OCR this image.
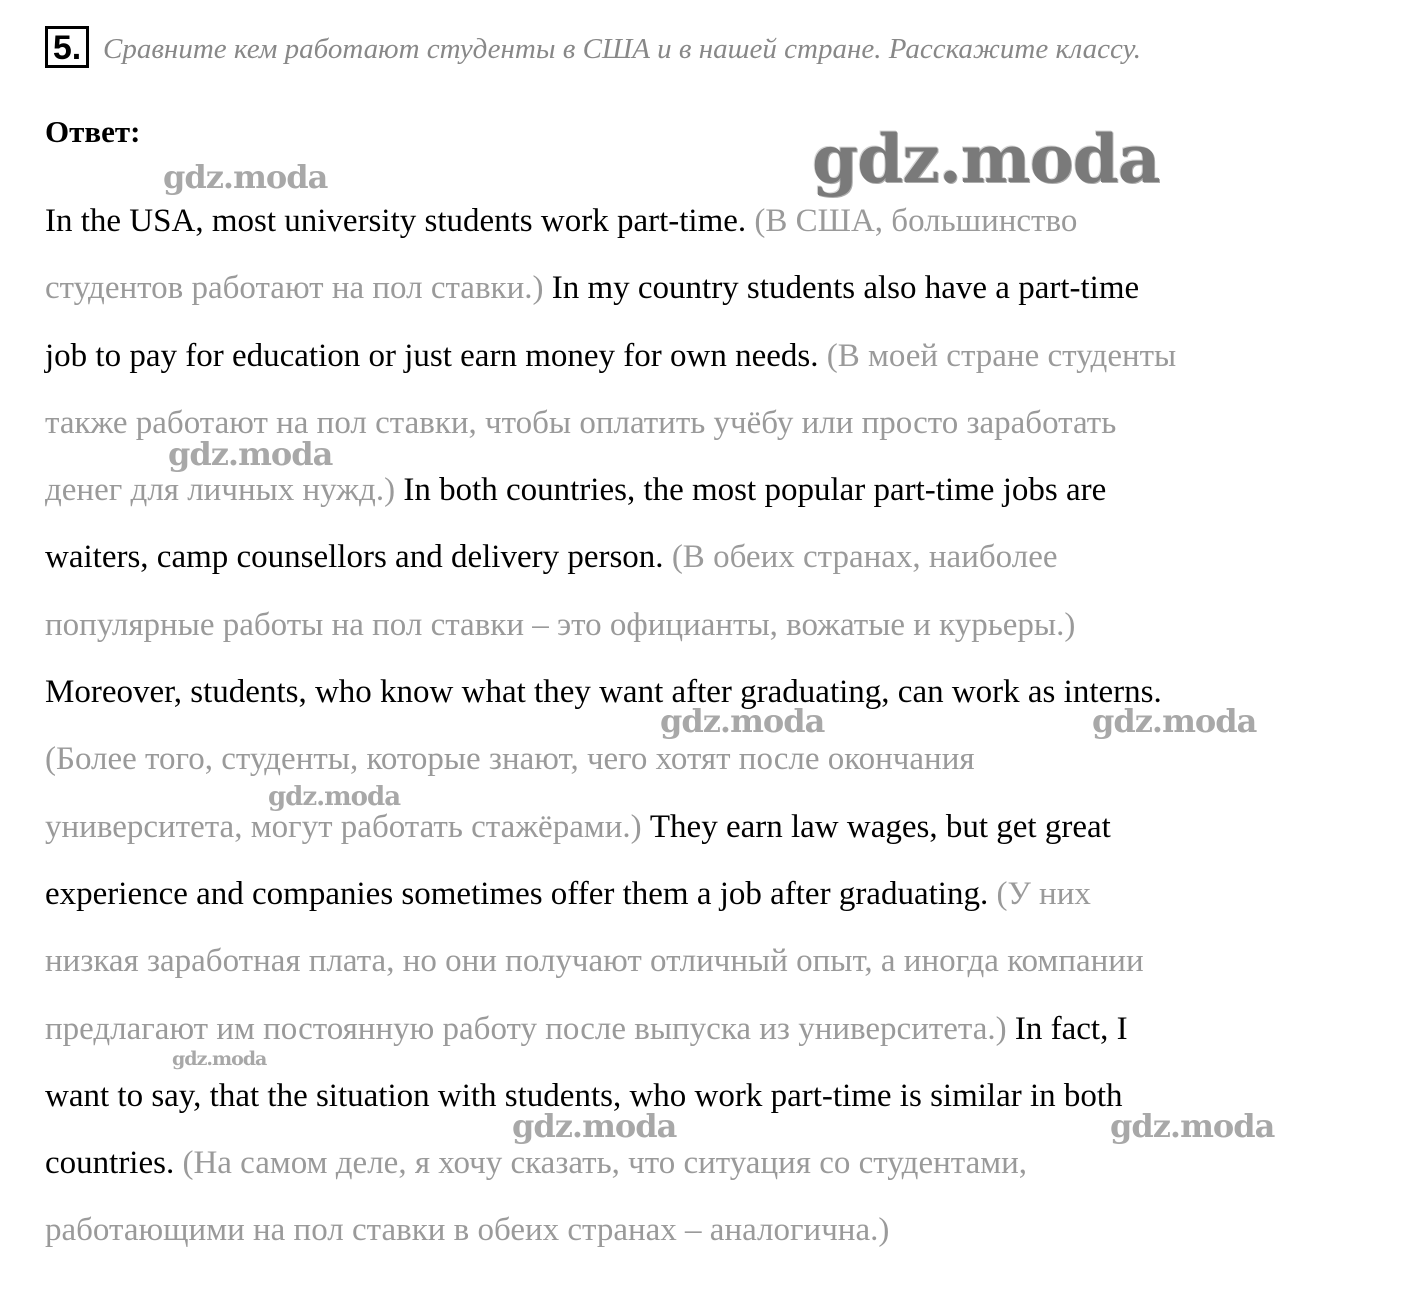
5. Сравните кем работают студенты в США и в нашей стране. Расскажите классу.
Ответ:
In the USA, most university students work part-time. (В США, большинство
студентов работают на пол ставки.) In my country students also have a part-time
job to pay for education or just earn money for own needs. (В моей стране студенты
также работают на пол ставки, чтобы оплатить учёбу или просто заработать
денег для личных нужд.) In both countries, the most popular part-time jobs are
waiters, camp counsellors and delivery person. (В обеих странах, наиболее
популярные работы на пол ставки – это официанты, вожатые и курьеры.)
Moreover, students, who know what they want after graduating, can work as interns.
(Более того, студенты, которые знают, чего хотят после окончания
университета, могут работать стажёрами.) They earn law wages, but get great
experience and companies sometimes offer them a job after graduating. (У них
низкая заработная плата, но они получают отличный опыт, а иногда компании
предлагают им постоянную работу после выпуска из университета.) In fact, I
want to say, that the situation with students, who work part-time is similar in both
countries. (На самом деле, я хочу сказать, что ситуация со студентами,
работающими на пол ставки в обеих странах – аналогична.)
gdz.moda
gdz.moda
gdz.moda
gdz.moda	gdz.moda
gdz.moda
gdz.moda
gdz.moda	gdz.moda
